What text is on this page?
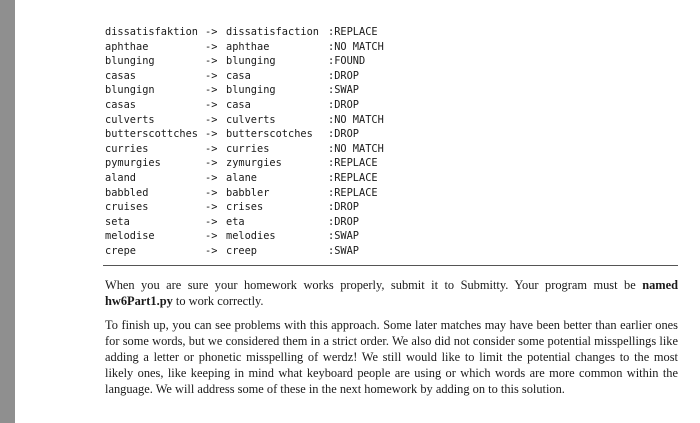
dissatisfaktion -> dissatisfaction :REPLACE
aphthae	-> aphthae	:NO MATCH
blunging	-> blunging	:FOUND
casas	-> casa	:DROP
blungign	-> blunging	:SWAP
casas	-> casa	:DROP
culverts	-> culverts	:NO MATCH
butterscottches -> butterscotches :DROP
curries	-> curries	:NO MATCH
pymurgies	-> zymurgies	:REPLACE
aland	-> alane	:REPLACE
babbled	-> babbler	:REPLACE
cruises	-> crises	:DROP
seta	-> eta	:DROP
melodise	-> melodies	:SWAP
crepe	-> creep	:SWAP

When you are sure your homework works properly, submit it to Submitty. Your program must be named hw6Part1.py to work correctly.

To finish up, you can see problems with this approach. Some later matches may have been better than earlier ones for some words, but we considered them in a strict order. We also did not consider some potential misspellings like adding a letter or phonetic misspelling of werdz! We still would like to limit the potential changes to the most likely ones, like keeping in mind what keyboard people are using or which words are more common within the language. We will address some of these in the next homework by adding on to this solution.
